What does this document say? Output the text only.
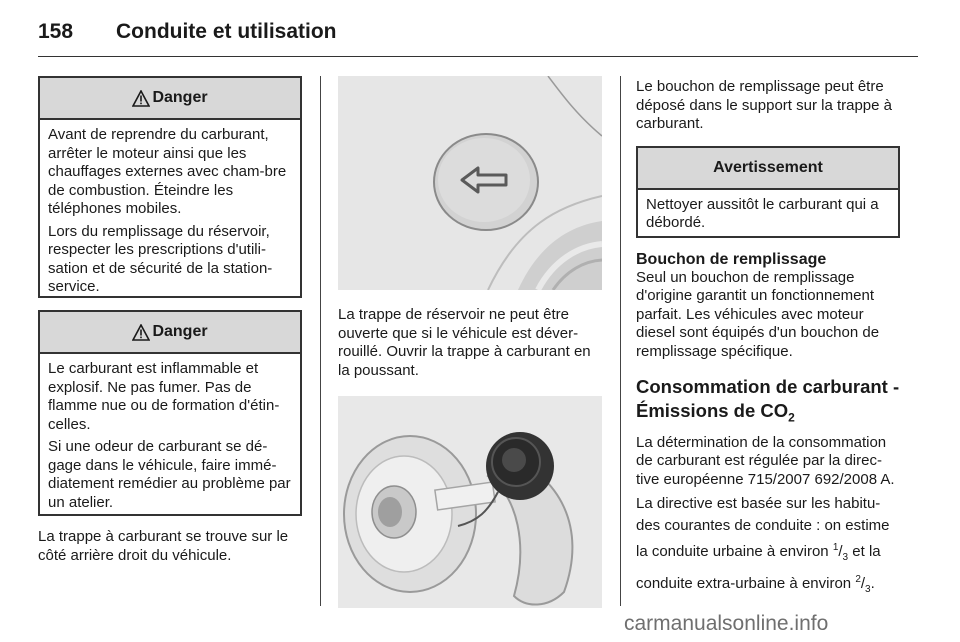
158 Conduite et utilisation
Danger

Avant de reprendre du carburant, arrêter le moteur ainsi que les chauffages externes avec cham-bre de combustion. Éteindre les téléphones mobiles.

Lors du remplissage du réservoir, respecter les prescriptions d'utili-sation et de sécurité de la station-service.

Danger

Le carburant est inflammable et explosif. Ne pas fumer. Pas de flamme nue ou de formation d'étin-celles.

Si une odeur de carburant se dé-gage dans le véhicule, faire immé-diatement remédier au problème par un atelier.

La trappe à carburant se trouve sur le côté arrière droit du véhicule.

La trappe de réservoir ne peut être ouverte que si le véhicule est déver-rouillé. Ouvrir la trappe à carburant en la poussant.

Le bouchon de remplissage peut être déposé dans le support sur la trappe à carburant.

Avertissement

Nettoyer aussitôt le carburant qui a débordé.

Bouchon de remplissage

Seul un bouchon de remplissage d'origine garantit un fonctionnement parfait. Les véhicules avec moteur diesel sont équipés d'un bouchon de remplissage spécifique.

Consommation de carburant -

Émissions de $CO_2$

La détermination de la consommation de carburant est régulée par la direc-tive européenne 715/2007 692/2008 A.

La directive est basée sur les habitu-des courantes de conduite : on estime la conduite urbaine à environ $^1/_3$ et la conduite extra-urbaine à environ $^2/_3$.

carmanualsonline.info
